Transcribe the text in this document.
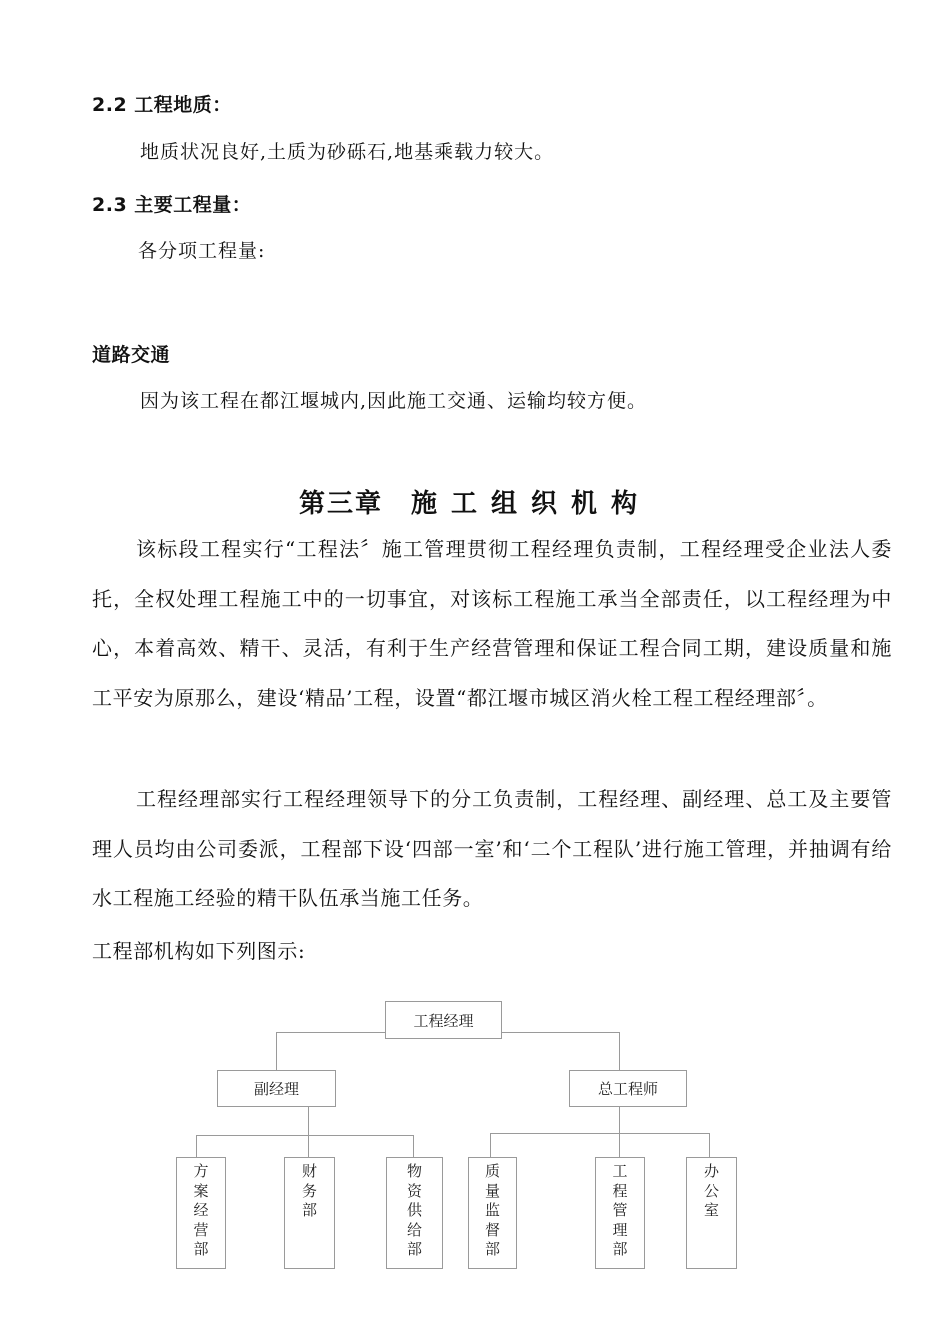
2.2 工程地质：
地质状况良好,土质为砂砾石,地基乘载力较大。
2.3 主要工程量：
各分项工程量:
道路交通
因为该工程在都江堰城内,因此施工交通、运输均较方便。
第三章 施工组织机构
该标段工程实行“工程法〞施工管理贯彻工程经理负责制，工程经理受企业法人委托，全权处理工程施工中的一切事宜，对该标工程施工承当全部责任，以工程经理为中心，本着高效、精干、灵活，有利于生产经营管理和保证工程合同工期，建设质量和施工平安为原那么，建设‘精品’工程，设置“都江堰市城区消火栓工程工程经理部〞。
工程经理部实行工程经理领导下的分工负责制，工程经理、副经理、总工及主要管理人员均由公司委派，工程部下设‘四部一室’和‘二个工程队’进行施工管理，并抽调有给水工程施工经验的精干队伍承当施工任务。
工程部机构如下列图示:
工程经理
副经理	总工程师
方
案
经
营
部
财
务
部
物
资
供
给
部
质
量
监
督
部
工
程
管
理
部
办
公
室
